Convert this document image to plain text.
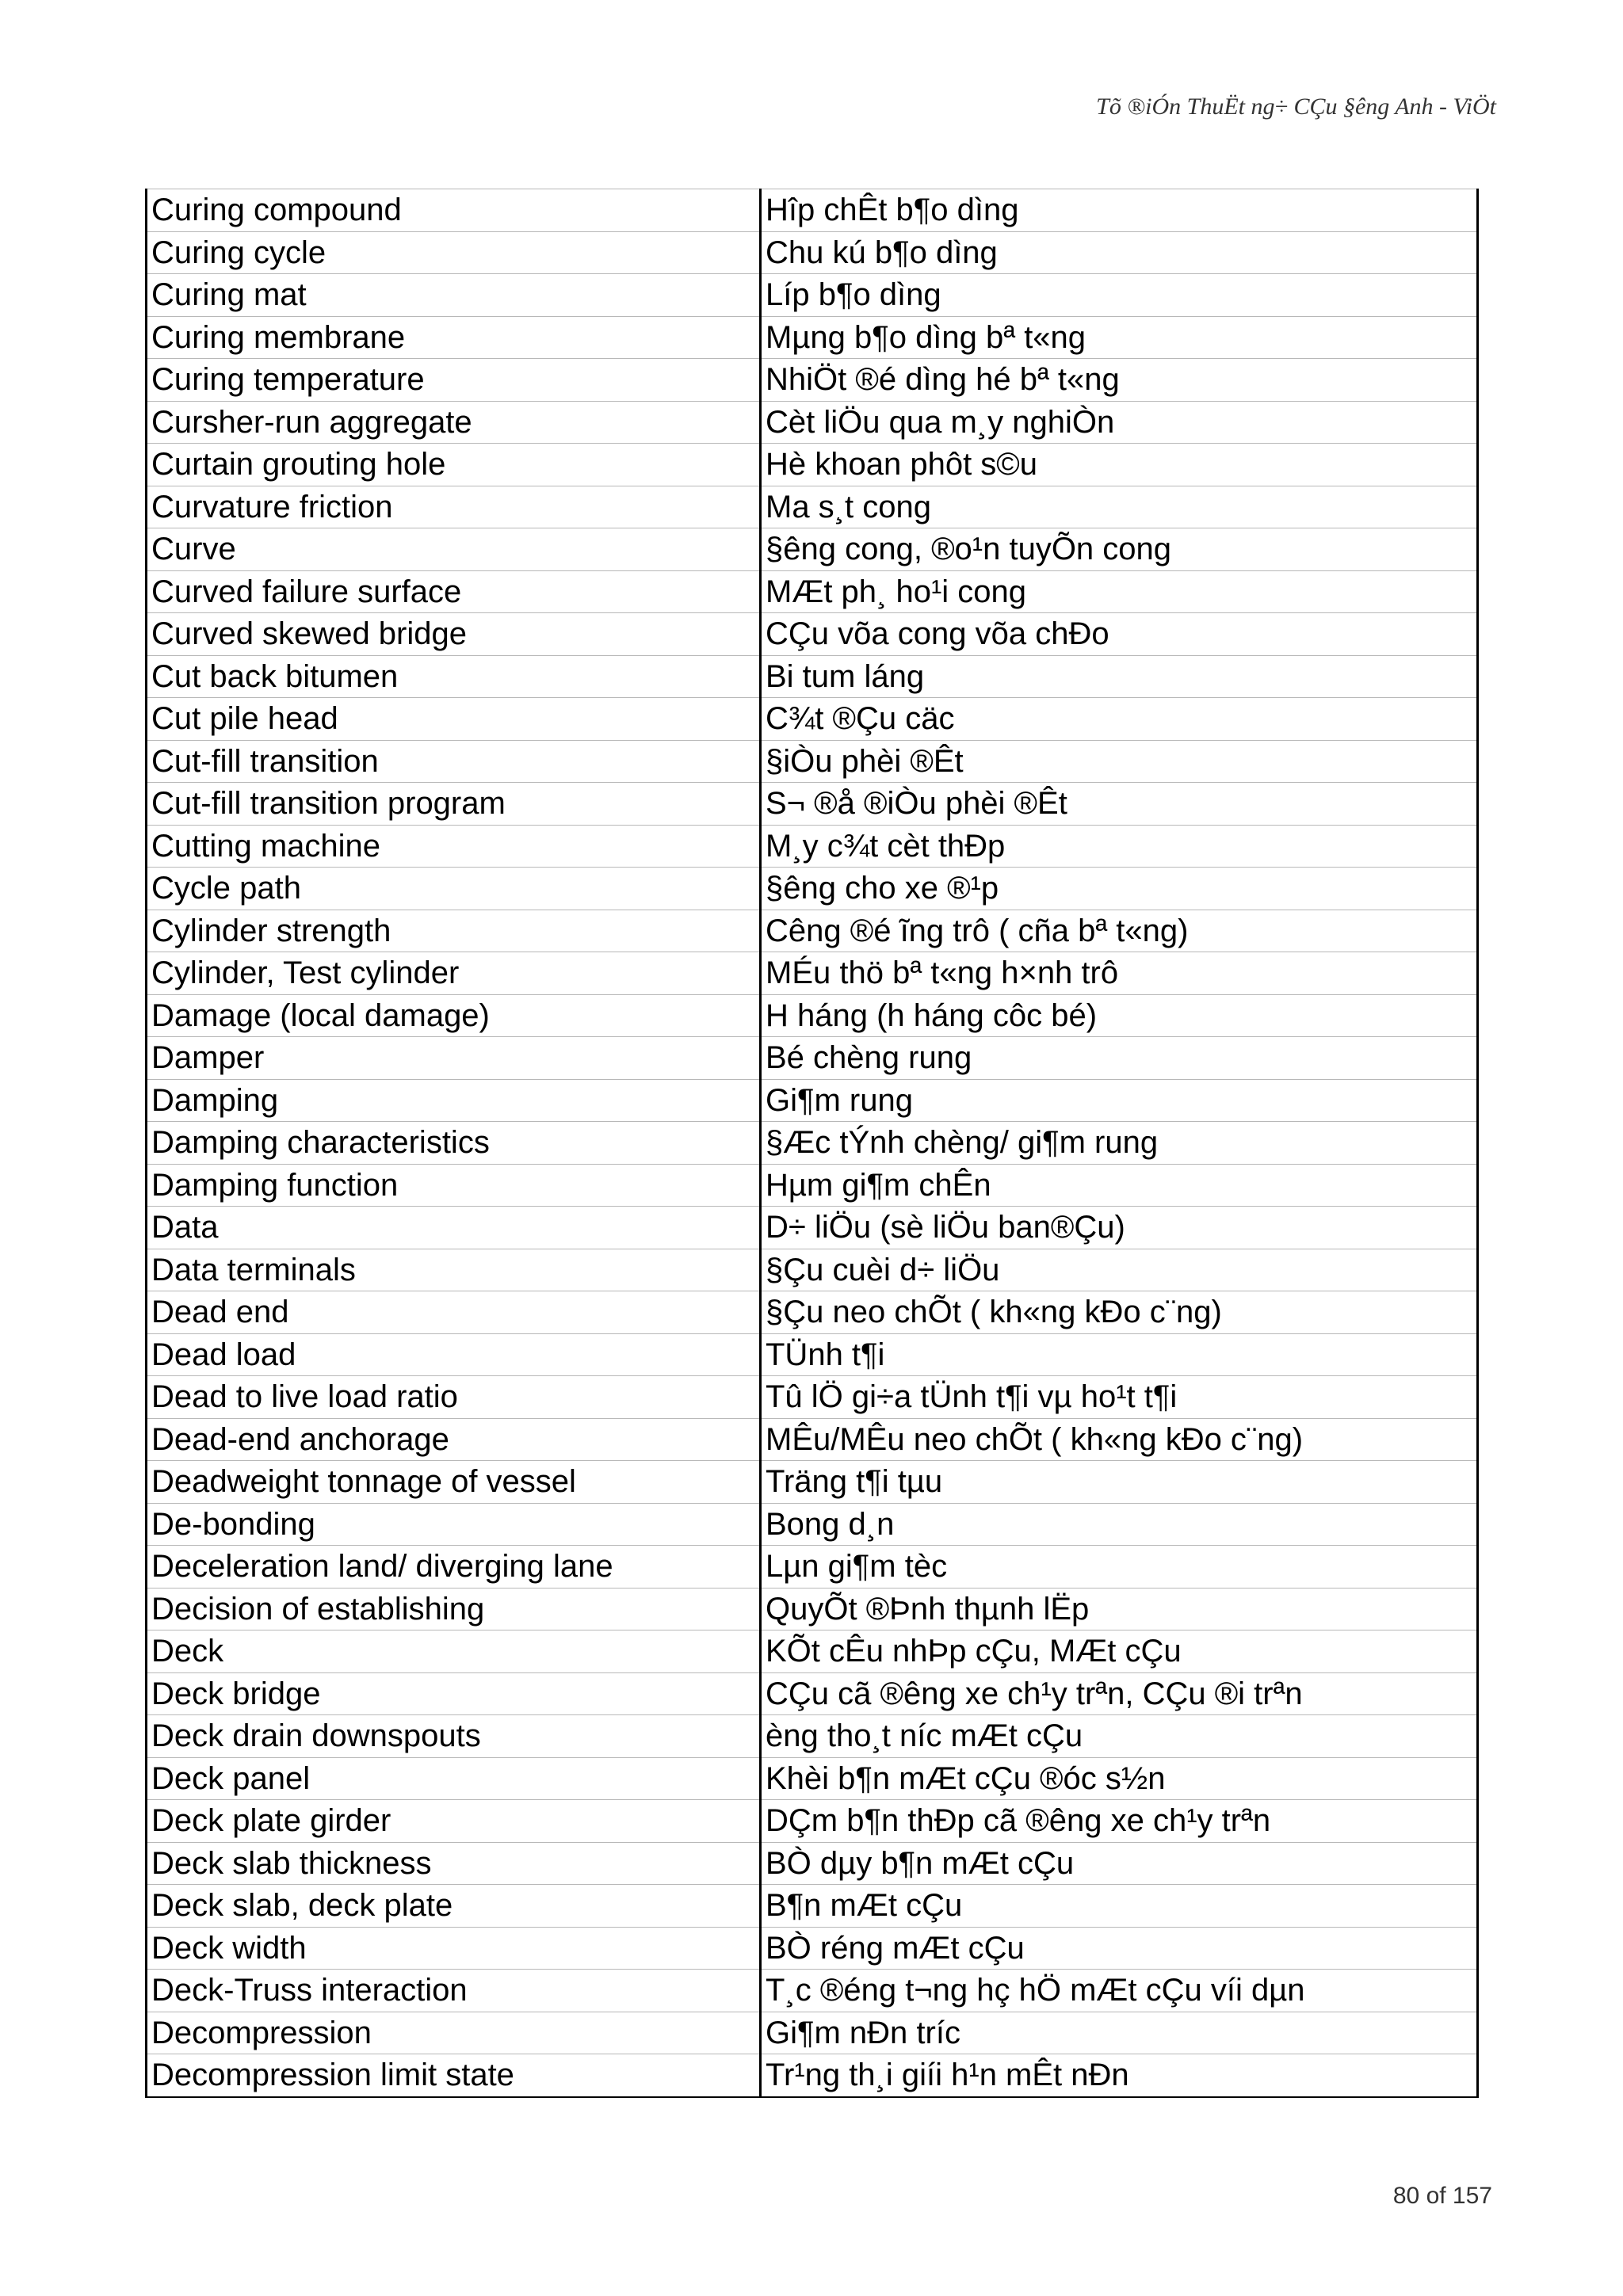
Tõ ®iÓn ThuËt ng÷ CÇu §êng Anh - ViÖt
Curing compound	Hîp chÊt b¶o dìng
Curing cycle	Chu kú b¶o dìng
Curing mat	Líp b¶o dìng
Curing membrane	Mµng b¶o dìng bª t«ng
Curing temperature	NhiÖt ®é dìng hé bª t«ng
Cursher-run aggregate	Cèt liÖu qua m¸y nghiÒn
Curtain grouting hole	Hè khoan phôt s©u
Curvature friction	Ma s¸t cong
Curve	§êng cong, ®o¹n tuyÕn cong
Curved failure surface	MÆt ph¸ ho¹i cong
Curved skewed bridge	CÇu võa cong võa chÐo
Cut back bitumen	Bi tum láng
Cut pile head	C¾t ®Çu cäc
Cut-fill transition	§iÒu phèi ®Êt
Cut-fill transition program	S¬ ®å ®iÒu phèi ®Êt
Cutting machine	M¸y c¾t cèt thÐp
Cycle path	§êng cho xe ®¹p
Cylinder strength	Cêng ®é ĩng trô ( cña bª t«ng)
Cylinder, Test cylinder	MÉu thö bª t«ng h×nh trô
Damage (local damage)	H háng (h háng côc bé)
Damper	Bé chèng rung
Damping	Gi¶m rung
Damping characteristics	§Æc tÝnh chèng/ gi¶m rung
Damping function	Hµm gi¶m chÊn
Data	D÷ liÖu (sè liÖu ban®Çu)
Data terminals	§Çu cuèi d÷ liÖu
Dead end	§Çu neo chÕt ( kh«ng kÐo c¨ng)
Dead load	TÜnh t¶i
Dead to live load ratio	Tû lÖ gi÷a tÜnh t¶i vµ ho¹t t¶i
Dead-end anchorage	MÊu/MÊu neo chÕt ( kh«ng kÐo c¨ng)
Deadweight tonnage of vessel	Träng t¶i tµu
De-bonding	Bong d¸n
Deceleration land/ diverging lane	Lµn gi¶m tèc
Decision of establishing	QuyÕt ®Þnh thµnh lËp
Deck	KÕt cÊu nhÞp cÇu, MÆt cÇu
Deck bridge	CÇu cã ®êng xe ch¹y trªn, CÇu ®i trªn
Deck drain downspouts	èng tho¸t níc mÆt cÇu
Deck panel	Khèi b¶n mÆt cÇu ®óc s½n
Deck plate girder	DÇm b¶n thÐp cã ®êng xe ch¹y trªn
Deck slab thickness	BÒ dµy b¶n mÆt cÇu
Deck slab, deck plate	B¶n mÆt cÇu
Deck width	BÒ réng mÆt cÇu
Deck-Truss interaction	T¸c ®éng t¬ng hç hÖ mÆt cÇu víi dµn
Decompression	Gi¶m nÐn tríc
Decompression limit state	Tr¹ng th¸i giíi h¹n mÊt nÐn
80 of 157
